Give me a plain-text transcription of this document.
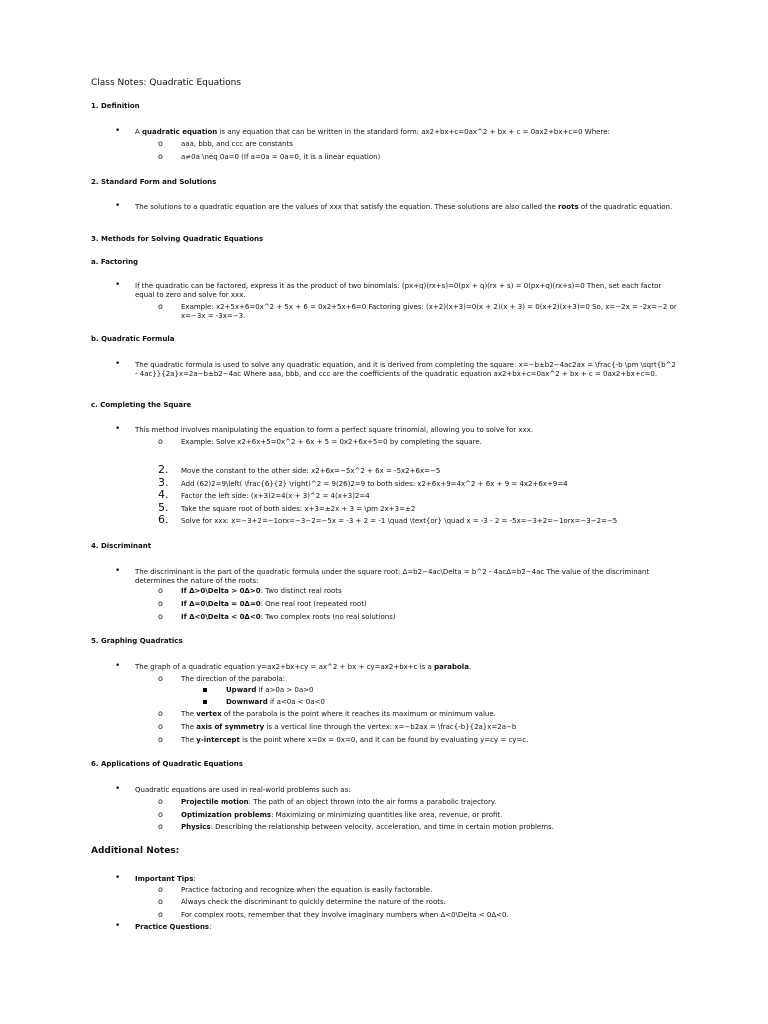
Class Notes: Quadratic Equations
1. Definition
• A quadratic equation is any equation that can be written in the standard form: ax2+bx+c=0ax^2 + bx + c = 0ax2+bx+c=0 Where:
o	aaa, bbb, and ccc are constants
o	a≠0a \neq 0a=0 (If a=0a = 0a=0, it is a linear equation)
2. Standard Form and Solutions
• The solutions to a quadratic equation are the values of xxx that satisfy the equation. These solutions are also called the roots of the quadratic equation.
3. Methods for Solving Quadratic Equations
a. Factoring
• If the quadratic can be factored, express it as the product of two binomials: (px+q)(rx+s)=0(px + q)(rx + s) = 0(px+q)(rx+s)=0 Then, set each factor equal to zero and solve for xxx.
o	Example: x2+5x+6=0x^2 + 5x + 6 = 0x2+5x+6=0 Factoring gives: (x+2)(x+3)=0(x + 2)(x + 3) = 0(x+2)(x+3)=0 So, x=−2x = -2x=−2 or x=−3x = -3x=−3.
b. Quadratic Formula
• The quadratic formula is used to solve any quadratic equation, and it is derived from completing the square: x=−b±b2−4ac2ax = \frac{-b \pm \sqrt{b^2 - 4ac}}{2a}x=2a−b±b2−4ac Where aaa, bbb, and ccc are the coefficients of the quadratic equation ax2+bx+c=0ax^2 + bx + c = 0ax2+bx+c=0.
c. Completing the Square
• This method involves manipulating the equation to form a perfect square trinomial, allowing you to solve for xxx.
o	Example: Solve x2+6x+5=0x^2 + 6x + 5 = 0x2+6x+5=0 by completing the square.
2. Move the constant to the other side: x2+6x=−5x^2 + 6x = -5x2+6x=−5
3. Add (62)2=9\left( \frac{6}{2} \right)^2 = 9(26)2=9 to both sides: x2+6x+9=4x^2 + 6x + 9 = 4x2+6x+9=4
4. Factor the left side: (x+3)2=4(x + 3)^2 = 4(x+3)2=4
5. Take the square root of both sides: x+3=±2x + 3 = \pm 2x+3=±2
6. Solve for xxx: x=−3+2=−1orx=−3−2=−5x = -3 + 2 = -1 \quad \text{or} \quad x = -3 - 2 = -5x=−3+2=−1orx=−3−2=−5
4. Discriminant
• The discriminant is the part of the quadratic formula under the square root: Δ=b2−4ac\Delta = b^2 - 4acΔ=b2−4ac The value of the discriminant determines the nature of the roots:
o	If Δ>0\Delta > 0Δ>0: Two distinct real roots
o	If Δ=0\Delta = 0Δ=0: One real root (repeated root)
o	If Δ<0\Delta < 0Δ<0: Two complex roots (no real solutions)
5. Graphing Quadratics
• The graph of a quadratic equation y=ax2+bx+cy = ax^2 + bx + cy=ax2+bx+c is a parabola.
o	The direction of the parabola:
Upward if a>0a > 0a>0
Downward if a<0a < 0a<0
o	The vertex of the parabola is the point where it reaches its maximum or minimum value.
o	The axis of symmetry is a vertical line through the vertex: x=−b2ax = \frac{-b}{2a}x=2a−b
o	The y-intercept is the point where x=0x = 0x=0, and it can be found by evaluating y=cy = cy=c.
6. Applications of Quadratic Equations
• Quadratic equations are used in real-world problems such as:
o	Projectile motion: The path of an object thrown into the air forms a parabolic trajectory.
o	Optimization problems: Maximizing or minimizing quantities like area, revenue, or profit.
o	Physics: Describing the relationship between velocity, acceleration, and time in certain motion problems.
Additional Notes:
• Important Tips:
o	Practice factoring and recognize when the equation is easily factorable.
o	Always check the discriminant to quickly determine the nature of the roots.
o	For complex roots, remember that they involve imaginary numbers when Δ<0\Delta < 0Δ<0.
• Practice Questions:
